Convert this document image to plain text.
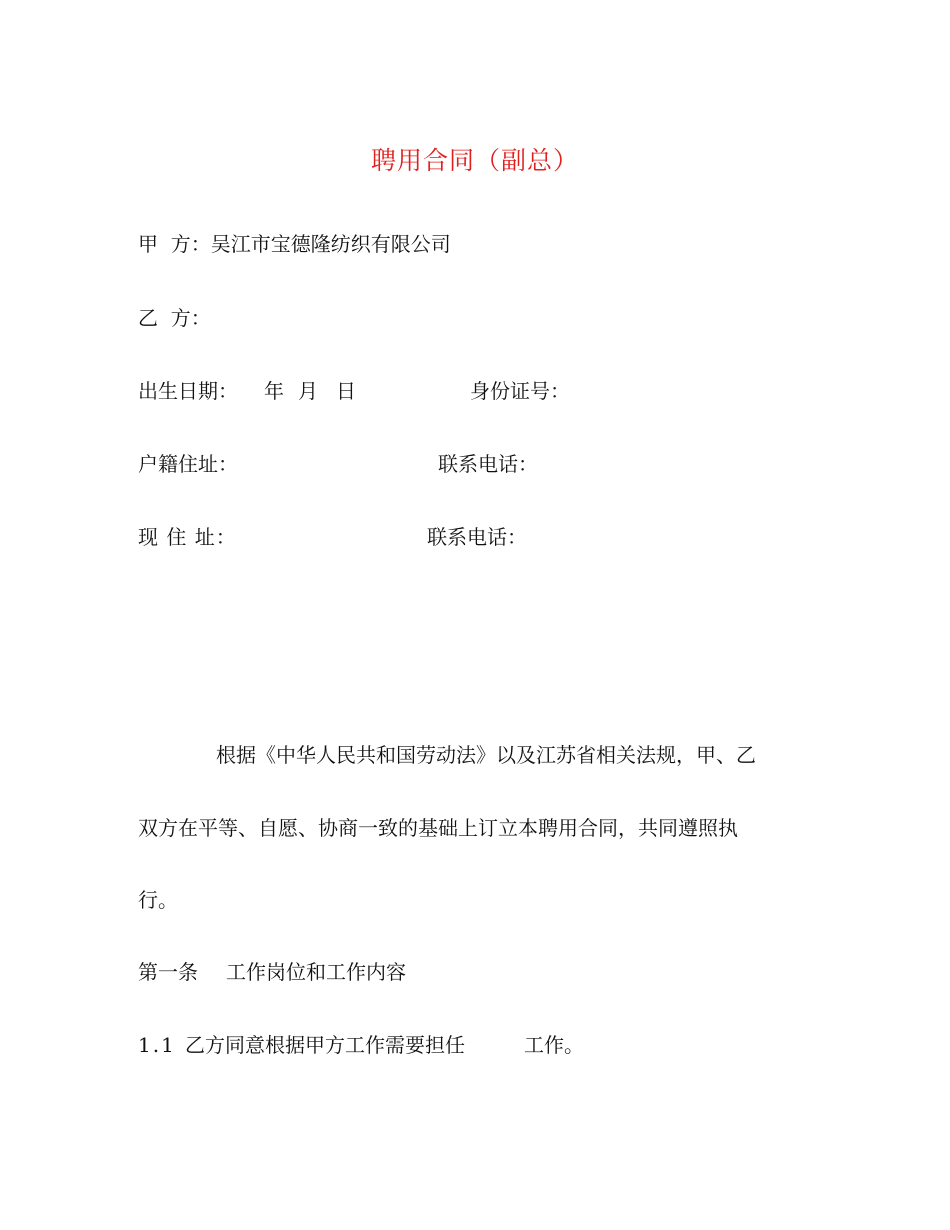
聘用合同（副总）
甲  方：吴江市宝德隆纺织有限公司
乙  方：
出生日期： 年 月 日	身份证号：
户籍住址：	联系电话：
现 住 址：	联系电话：
根据《中华人民共和国劳动法》以及江苏省相关法规，甲、乙
双方在平等、自愿、协商一致的基础上订立本聘用合同，共同遵照执
行。
第一条 工作岗位和工作内容
1.1 乙方同意根据甲方工作需要担任	工作。
